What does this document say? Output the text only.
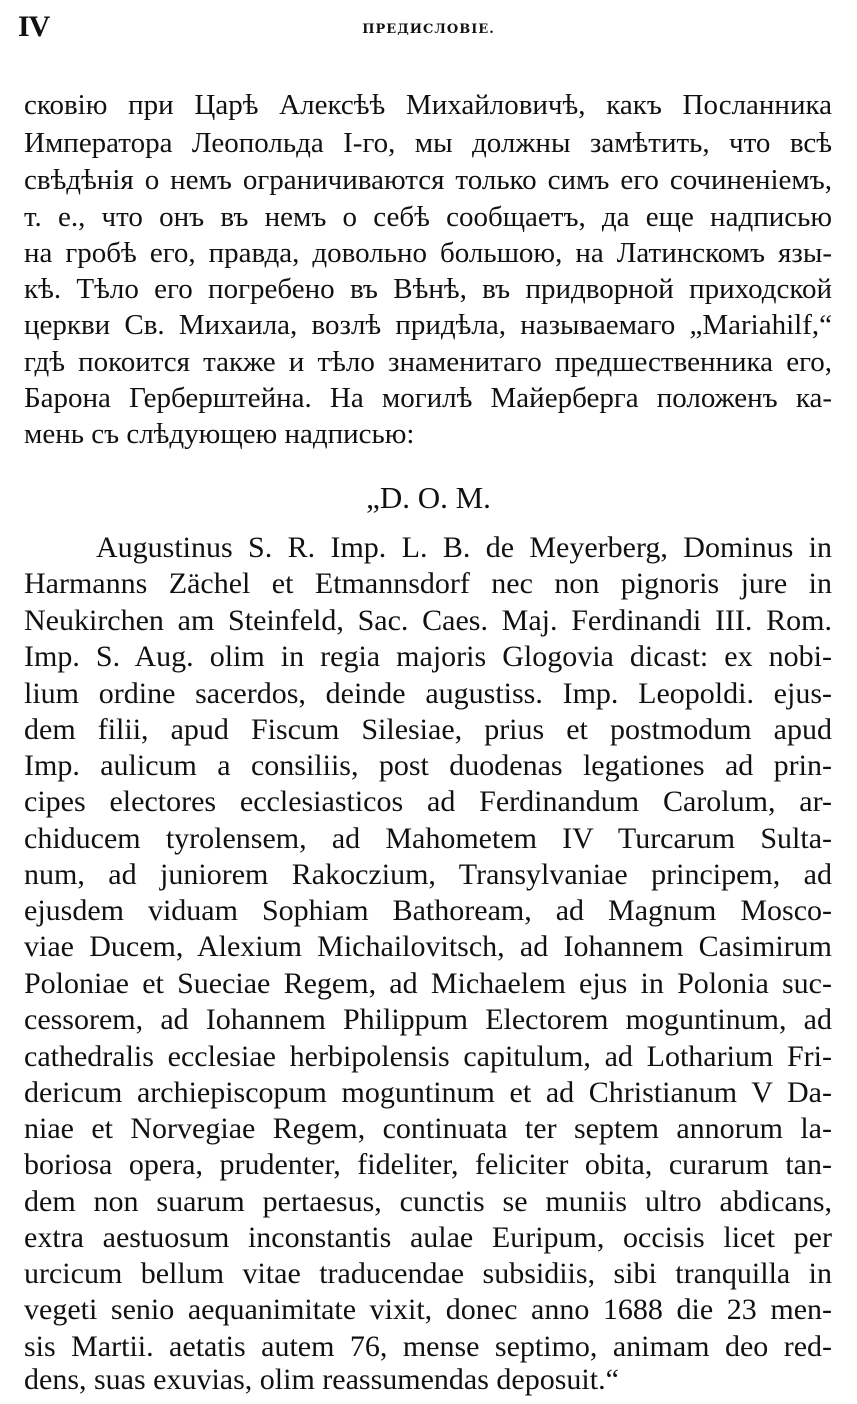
IV	ПРЕДИСЛОВІЕ.
сковію при Царѣ Алексѣѣ Михайловичѣ, какъ Посланника
Императора Леопольда І-го, мы должны замѣтить, что всѣ
свѣдѣнія о немъ ограничиваются только симъ его сочиненіемъ,
т. е., что онъ въ немъ о себѣ сообщаетъ, да еще надписью
на гробѣ его, правда, довольно большою, на Латинскомъ язы-
кѣ. Тѣло его погребено въ Вѣнѣ, въ придворной приходской
церкви Св. Михаила, возлѣ придѣла, называемаго „Mariahilf,“
гдѣ покоится также и тѣло знаменитаго предшественника его,
Барона Герберштейна. На могилѣ Майерберга положенъ ка-
мень съ слѣдующею надписью:
„D. O. M.
Augustinus S. R. Imp. L. B. de Meyerberg, Dominus in
Harmanns Zächel et Etmannsdorf nec non pignoris jure in
Neukirchen am Steinfeld, Sac. Caes. Maj. Ferdinandi III. Rom.
Imp. S. Aug. olim in regia majoris Glogovia dicast: ex nobi-
lium ordine sacerdos, deinde augustiss. Imp. Leopoldi. ejus-
dem filii, apud Fiscum Silesiae, prius et postmodum apud
Imp. aulicum a consiliis, post duodenas legationes ad prin-
cipes electores ecclesiasticos ad Ferdinandum Carolum, ar-
chiducem tyrolensem, ad Mahometem IV Turcarum Sulta-
num, ad juniorem Rakoczium, Transylvaniae principem, ad
ejusdem viduam Sophiam Bathoream, ad Magnum Mosco-
viae Ducem, Alexium Michailovitsch, ad Iohannem Casimirum
Poloniae et Sueciae Regem, ad Michaelem ejus in Polonia suc-
cessorem, ad Iohannem Philippum Electorem moguntinum, ad
cathedralis ecclesiae herbipolensis capitulum, ad Lotharium Fri-
dericum archiepiscopum moguntinum et ad Christianum V Da-
niae et Norvegiae Regem, continuata ter septem annorum la-
boriosa opera, prudenter, fideliter, feliciter obita, curarum tan-
dem non suarum pertaesus, cunctis se muniis ultro abdicans,
extra aestuosum inconstantis aulae Euripum, occisis licet per
urcicum bellum vitae traducendae subsidiis, sibi tranquilla in
vegeti senio aequanimitate vixit, donec anno 1688 die 23 men-
sis Martii. aetatis autem 76, mense septimo, animam deo red-
dens, suas exuvias, olim reassumendas deposuit.“
